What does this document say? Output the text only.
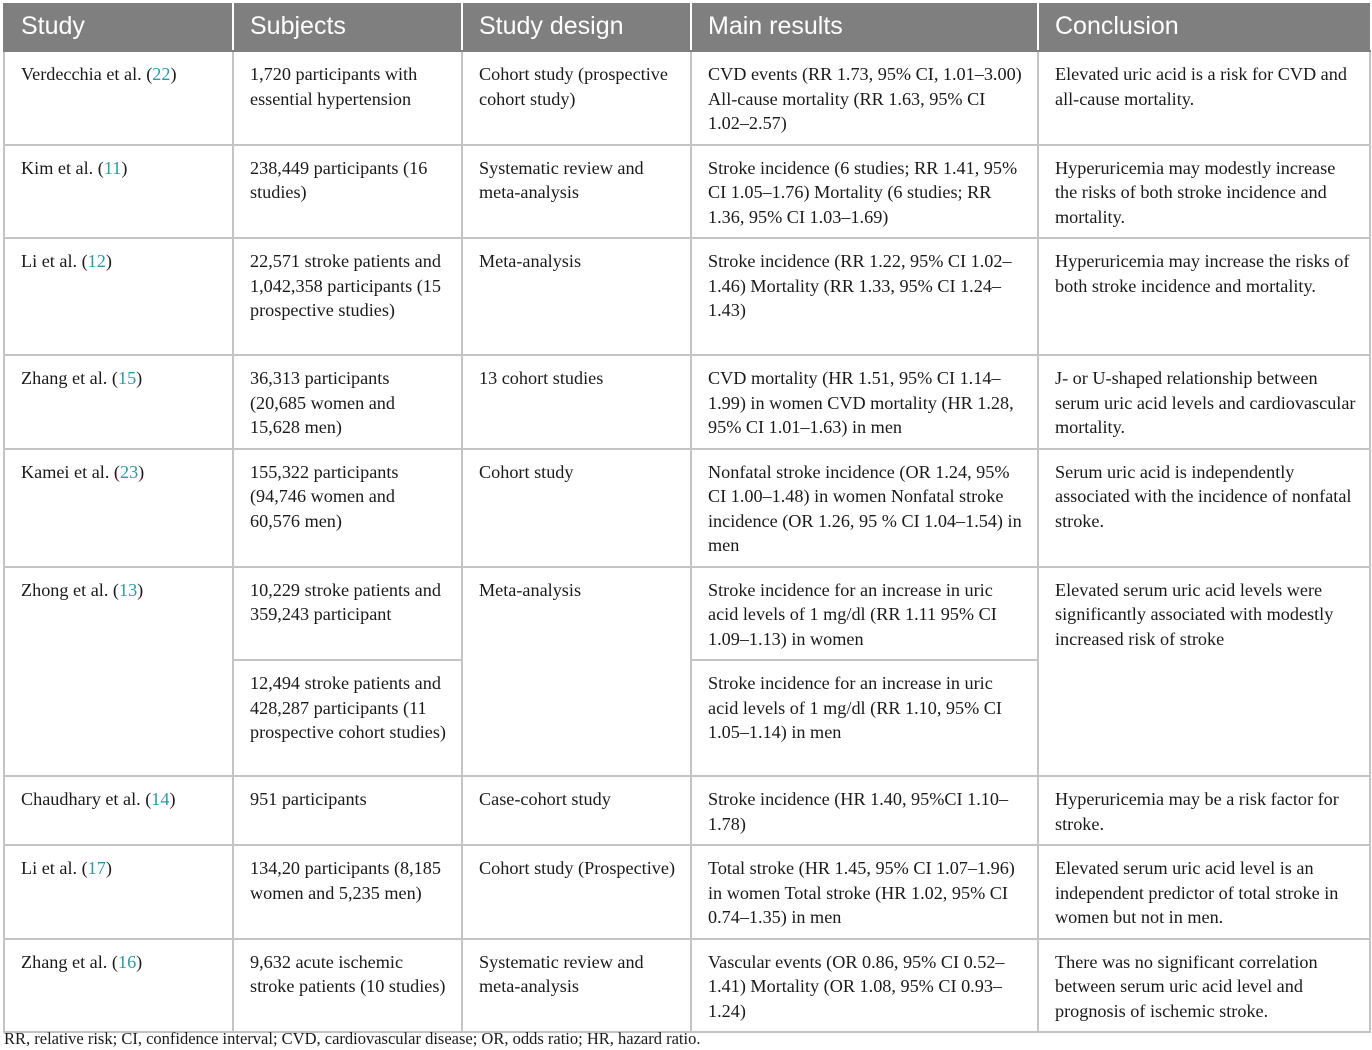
Study	Subjects	Study design	Main results	Conclusion
Verdecchia et al. (22)	1,720 participants with essential hypertension	Cohort study (prospective cohort study)	CVD events (RR 1.73, 95% CI, 1.01–3.00) All-cause mortality (RR 1.63, 95% CI 1.02–2.57)	Elevated uric acid is a risk for CVD and all-cause mortality.
Kim et al. (11)	238,449 participants (16 studies)	Systematic review and meta-analysis	Stroke incidence (6 studies; RR 1.41, 95% CI 1.05–1.76) Mortality (6 studies; RR 1.36, 95% CI 1.03–1.69)	Hyperuricemia may modestly increase the risks of both stroke incidence and mortality.
Li et al. (12)	22,571 stroke patients and 1,042,358 participants (15 prospective studies)	Meta-analysis	Stroke incidence (RR 1.22, 95% CI 1.02–1.46) Mortality (RR 1.33, 95% CI 1.24–1.43)	Hyperuricemia may increase the risks of both stroke incidence and mortality.
Zhang et al. (15)	36,313 participants (20,685 women and 15,628 men)	13 cohort studies	CVD mortality (HR 1.51, 95% CI 1.14–1.99) in women CVD mortality (HR 1.28, 95% CI 1.01–1.63) in men	J- or U-shaped relationship between serum uric acid levels and cardiovascular mortality.
Kamei et al. (23)	155,322 participants (94,746 women and 60,576 men)	Cohort study	Nonfatal stroke incidence (OR 1.24, 95% CI 1.00–1.48) in women Nonfatal stroke incidence (OR 1.26, 95 % CI 1.04–1.54) in men	Serum uric acid is independently associated with the incidence of nonfatal stroke.
Zhong et al. (13)	10,229 stroke patients and 359,243 participant	Meta-analysis	Stroke incidence for an increase in uric acid levels of 1 mg/dl (RR 1.11 95% CI 1.09–1.13) in women	Elevated serum uric acid levels were significantly associated with modestly increased risk of stroke
	12,494 stroke patients and 428,287 participants (11 prospective cohort studies)		Stroke incidence for an increase in uric acid levels of 1 mg/dl (RR 1.10, 95% CI 1.05–1.14) in men	
Chaudhary et al. (14)	951 participants	Case-cohort study	Stroke incidence (HR 1.40, 95%CI 1.10–1.78)	Hyperuricemia may be a risk factor for stroke.
Li et al. (17)	134,20 participants (8,185 women and 5,235 men)	Cohort study (Prospective)	Total stroke (HR 1.45, 95% CI 1.07–1.96) in women Total stroke (HR 1.02, 95% CI 0.74–1.35) in men	Elevated serum uric acid level is an independent predictor of total stroke in women but not in men.
Zhang et al. (16)	9,632 acute ischemic stroke patients (10 studies)	Systematic review and meta-analysis	Vascular events (OR 0.86, 95% CI 0.52–1.41) Mortality (OR 1.08, 95% CI 0.93–1.24)	There was no significant correlation between serum uric acid level and prognosis of ischemic stroke.
RR, relative risk; CI, confidence interval; CVD, cardiovascular disease; OR, odds ratio; HR, hazard ratio.
